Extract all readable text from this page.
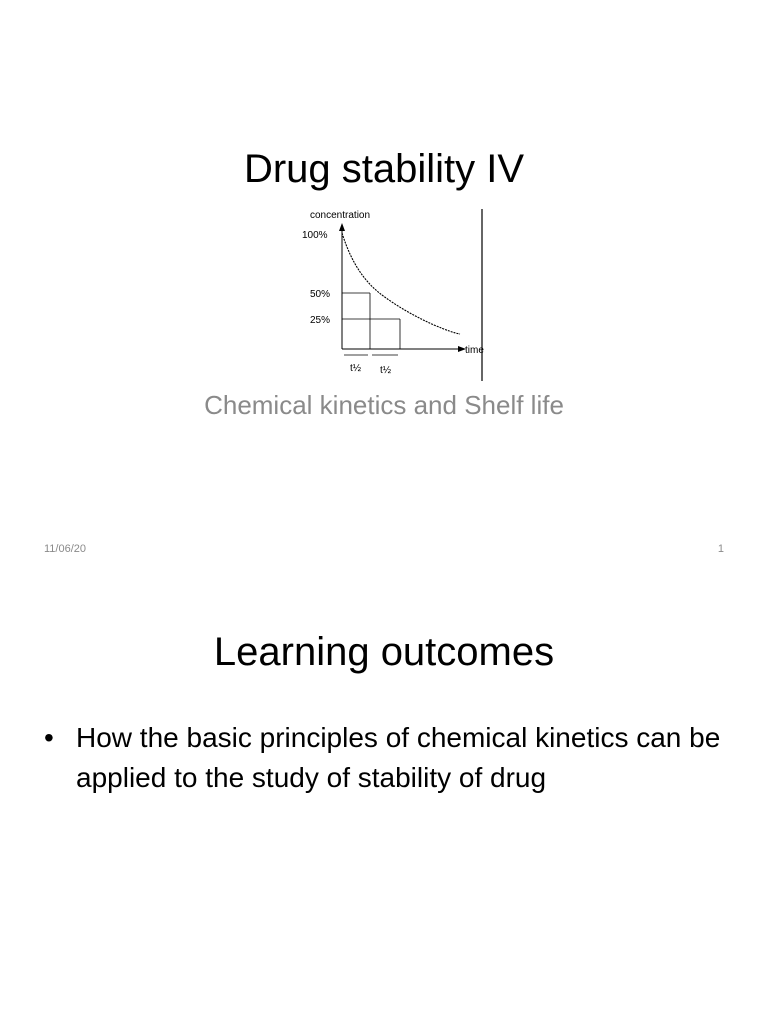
Drug stability IV
100%
50%
25%
concentration
time
t½ t½
Chemical kinetics and Shelf life
11/06/20	1
Learning outcomes
• How the basic principles of chemical kinetics can be applied to the study of stability of drug
